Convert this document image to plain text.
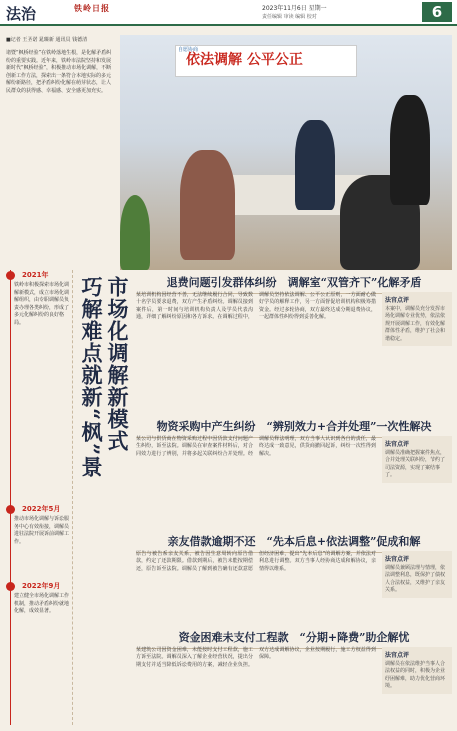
法治	铁岭日报	2023年11月6日 星期一
责任编辑 审读 编辑 校对	6
■记者 王圣诺 晁臻新 通讯员 钱德清
诸暨“枫桥经验”在铁岭落地生根，是化解矛盾纠纷的重要实践。近年来，铁岭市法院坚持和发展新时代“枫桥经验”，积极推动市场化调解，不断创新工作方法，探索出一条符合本地实际的多元解纷新路径，把矛盾纠纷化解在萌芽状态，让人民群众的获得感、幸福感、安全感更加充实。
自愿协商
依法调解 公平公正
2021年
铁岭市积极探索市场化调解新模式，成立市场化调解组织，由专职调解员负责办理各类纠纷，形成了多元化解纠纷的良好格局。
2022年5月
推动市场化调解与诉讼服务中心有效衔接，调解员进驻法院开展诉前调解工作。
2022年9月
建立健全市场化调解工作机制，推动矛盾纠纷就地化解，成效显著。
市场化调解新模式
巧解难点就新“枫”景	退费问题引发群体纠纷　调解室“双管齐下”化解矛盾
某培训机构因经营不善，无法继续履行合同，导致数十名学员要求退费，双方产生矛盾纠纷。调解员接到案件后，第一时间与培训机构负责人及学员代表沟通，详细了解纠纷原因和各方诉求。在调解过程中，调解员坚持依法调解、公平公正原则，一方面耐心做好学员的解释工作，另一方面督促培训机构积极筹措资金。经过多轮协商，双方最终达成分期退费协议，一起群体性纠纷得到妥善化解。
法官点评
本案中，调解员充分发挥市场化调解专业优势，依法依规开展调解工作，有效化解群体性矛盾，维护了社会和谐稳定。
物资采购中产生纠纷　“辨别效力+合并处理”一次性解决
某公司与供货商在物资采购过程中因货款支付问题产生纠纷，诉至法院。调解员在审查案件材料后，对合同效力进行了辨别，并将多起关联纠纷合并处理。经调解员释法明理，双方当事人认识到各自的责任，最终达成一致意见，供货商撤回起诉，纠纷一次性得到解决。
法官点评
调解员准确把握案件焦点，合并处理关联纠纷，节约了司法资源，实现了案结事了。
亲友借款逾期不还　“先本后息+依法调整”促成和解
原告与被告系亲友关系，被告因生意周转向原告借款，约定了还款期限。借款到期后，被告未能按期偿还，原告诉至法院。调解员了解到被告确有还款意愿但经济困难，提出“先本后息”的调解方案，并依法对利息进行调整。双方当事人经协商达成和解协议，亲情得以维系。
法官点评
调解员兼顾法理与情理，依法调整利息，既保护了债权人合法权益，又维护了亲友关系。
资金困难未支付工程款　“分期+降费”助企解忧
某建筑公司因资金困难，未能按时支付工程款，施工方诉至法院。调解员深入了解企业经营状况，提出分期支付并适当降低诉讼费用的方案，减轻企业负担。双方达成调解协议，企业按期履行，施工方权益得到保障。	法官点评
调解员在依法维护当事人合法权益的同时，积极为企业纾困解难，助力优化营商环境。
